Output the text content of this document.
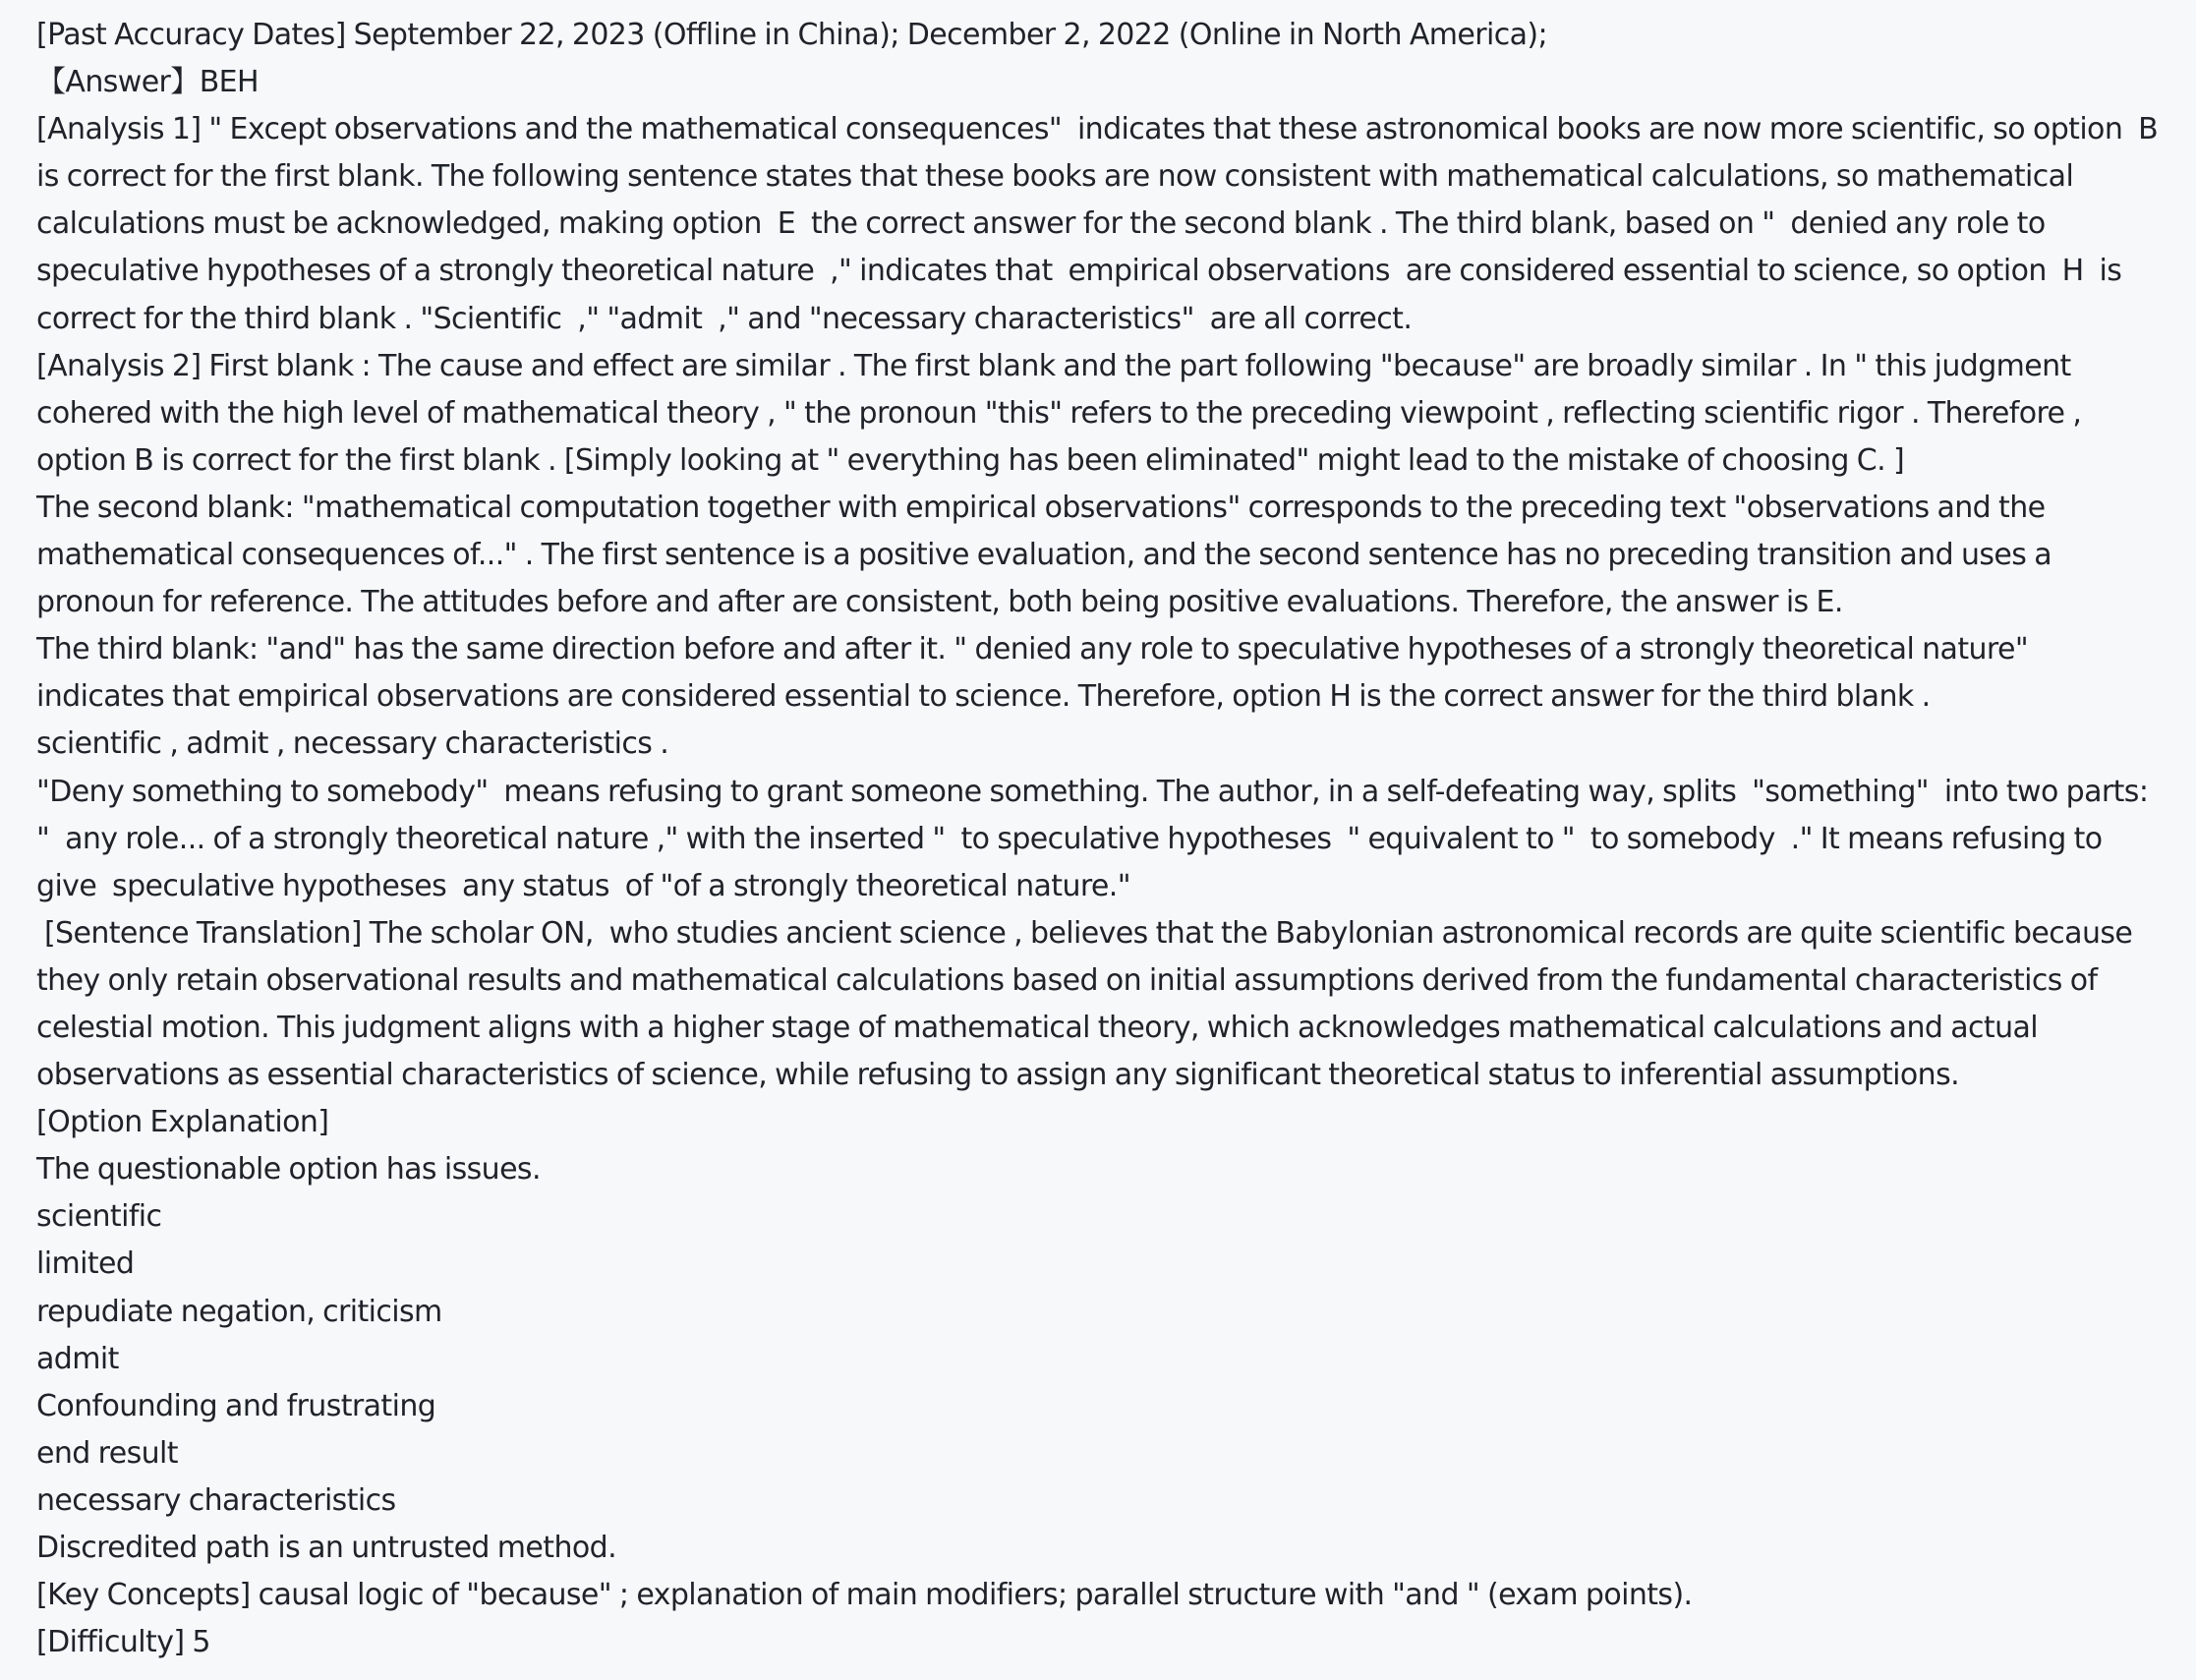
[Past Accuracy Dates] September 22, 2023 (Offline in China); December 2, 2022 (Online in North America);
【Answer】BEH
[Analysis 1] " Except observations and the mathematical consequences"  indicates that these astronomical books are now more scientific, so option  B  is correct for the first blank. The following sentence states that these books are now consistent with mathematical calculations, so mathematical calculations must be acknowledged, making option  E  the correct answer for the second blank . The third blank, based on "  denied any role to speculative hypotheses of a strongly theoretical nature  ," indicates that  empirical observations  are considered essential to science, so option  H  is correct for the third blank . "Scientific  ," "admit  ," and "necessary characteristics"  are all correct.
[Analysis 2] First blank : The cause and effect are similar . The first blank and the part following "because" are broadly similar . In " this judgment cohered with the high level of mathematical theory , " the pronoun "this" refers to the preceding viewpoint , reflecting scientific rigor . Therefore , option B is correct for the first blank . [Simply looking at " everything has been eliminated" might lead to the mistake of choosing C. ]
The second blank: "mathematical computation together with empirical observations" corresponds to the preceding text "observations and the mathematical consequences of..." . The first sentence is a positive evaluation, and the second sentence has no preceding transition and uses a pronoun for reference. The attitudes before and after are consistent, both being positive evaluations. Therefore, the answer is E.
The third blank: "and" has the same direction before and after it. " denied any role to speculative hypotheses of a strongly theoretical nature" indicates that empirical observations are considered essential to science. Therefore, option H is the correct answer for the third blank .
scientific , admit , necessary characteristics .
"Deny something to somebody"  means refusing to grant someone something. The author, in a self-defeating way, splits  "something"  into two parts: "  any role... of a strongly theoretical nature ," with the inserted "  to speculative hypotheses  " equivalent to "  to somebody  ." It means refusing to give  speculative hypotheses  any status  of "of a strongly theoretical nature."
[Sentence Translation] The scholar ON,  who studies ancient science , believes that the Babylonian astronomical records are quite scientific because they only retain observational results and mathematical calculations based on initial assumptions derived from the fundamental characteristics of celestial motion. This judgment aligns with a higher stage of mathematical theory, which acknowledges mathematical calculations and actual observations as essential characteristics of science, while refusing to assign any significant theoretical status to inferential assumptions.
[Option Explanation]
The questionable option has issues.
scientific
limited
repudiate negation, criticism
admit
Confounding and frustrating
end result
necessary characteristics
Discredited path is an untrusted method.
[Key Concepts] causal logic of "because" ; explanation of main modifiers; parallel structure with "and " (exam points).
[Difficulty] 5
